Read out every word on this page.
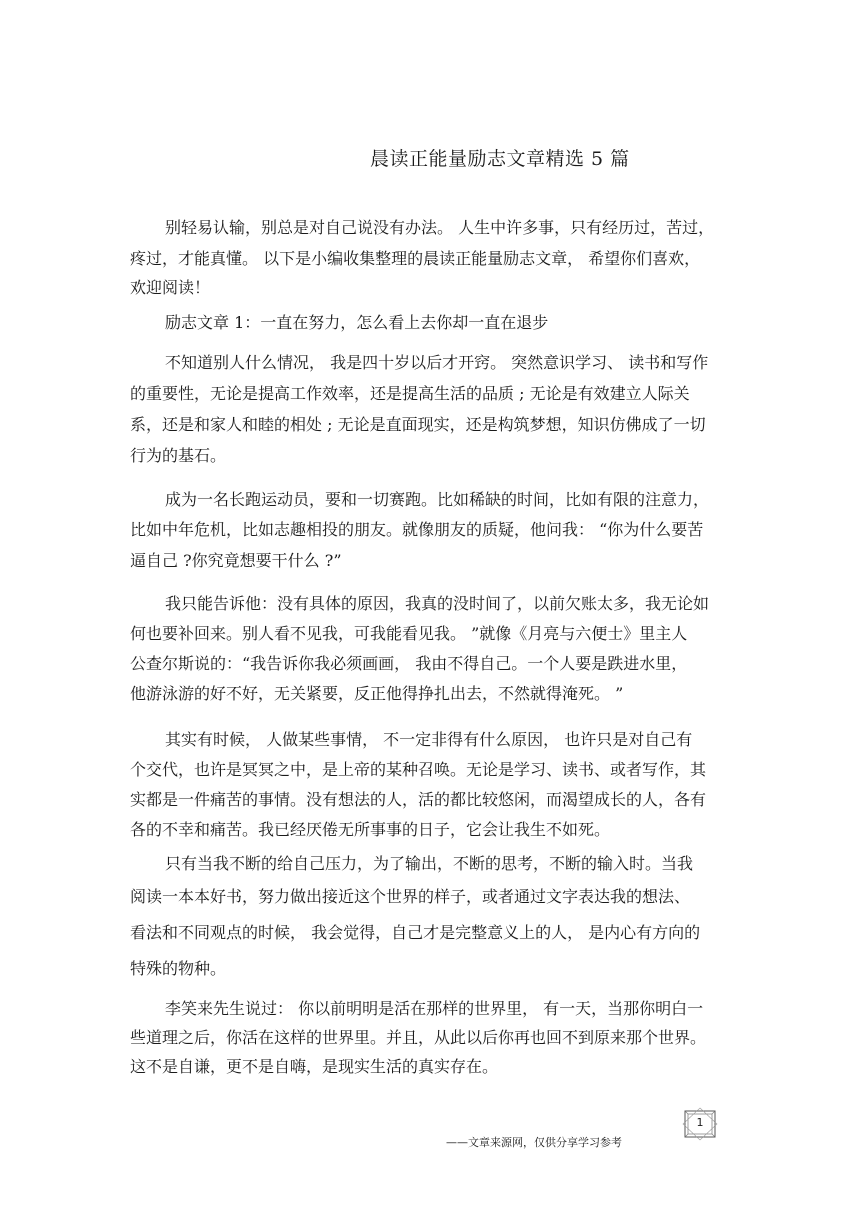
晨读正能量励志文章精选 5 篇
别轻易认输，别总是对自己说没有办法。 人生中许多事，只有经历过，苦过，
疼过，才能真懂。 以下是小编收集整理的晨读正能量励志文章， 希望你们喜欢，
欢迎阅读！
励志文章 1：一直在努力，怎么看上去你却一直在退步
不知道别人什么情况， 我是四十岁以后才开窍。 突然意识学习、 读书和写作
的重要性，无论是提高工作效率，还是提高生活的品质 ; 无论是有效建立人际关
系，还是和家人和睦的相处 ; 无论是直面现实，还是构筑梦想，知识仿佛成了一切
行为的基石。
成为一名长跑运动员，要和一切赛跑。比如稀缺的时间，比如有限的注意力，
比如中年危机，比如志趣相投的朋友。就像朋友的质疑，他问我： “你为什么要苦
逼自己 ?你究竟想要干什么 ?”
我只能告诉他：没有具体的原因，我真的没时间了，以前欠账太多，我无论如
何也要补回来。别人看不见我，可我能看见我。 ”就像《月亮与六便士》里主人
公查尔斯说的：“我告诉你我必须画画， 我由不得自己。一个人要是跌进水里，
他游泳游的好不好，无关紧要，反正他得挣扎出去，不然就得淹死。 ”
其实有时候， 人做某些事情， 不一定非得有什么原因， 也许只是对自己有
个交代，也许是冥冥之中，是上帝的某种召唤。无论是学习、读书、或者写作，其
实都是一件痛苦的事情。没有想法的人，活的都比较悠闲，而渴望成长的人，各有
各的不幸和痛苦。我已经厌倦无所事事的日子，它会让我生不如死。
只有当我不断的给自己压力，为了输出，不断的思考，不断的输入时。当我
阅读一本本好书，努力做出接近这个世界的样子，或者通过文字表达我的想法、
看法和不同观点的时候， 我会觉得，自己才是完整意义上的人， 是内心有方向的
特殊的物种。
李笑来先生说过： 你以前明明是活在那样的世界里， 有一天，当那你明白一
些道理之后，你活在这样的世界里。并且，从此以后你再也回不到原来那个世界。
这不是自谦，更不是自嗨，是现实生活的真实存在。
——文章来源网，仅供分享学习参考
1
